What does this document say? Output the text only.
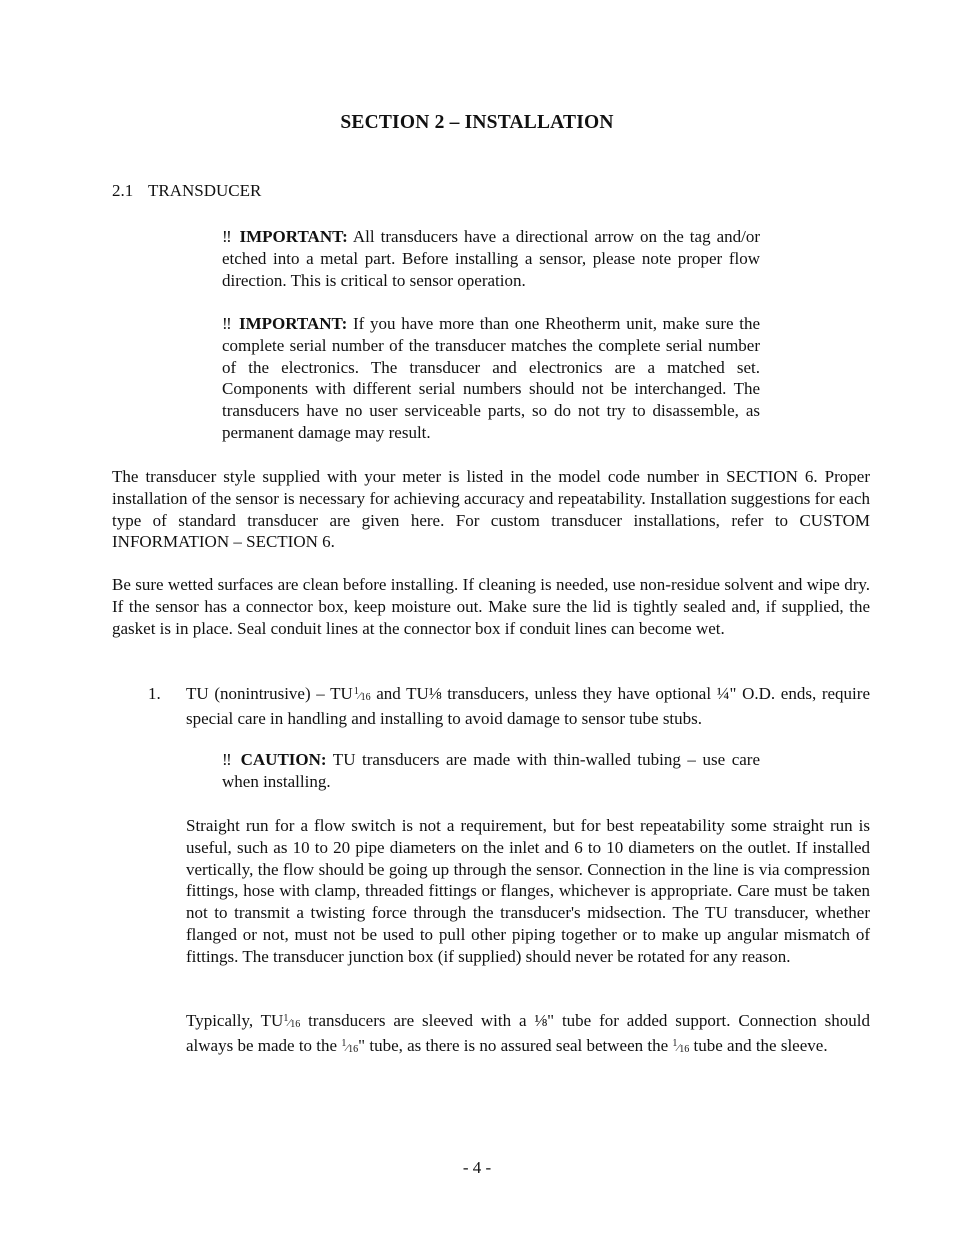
SECTION 2 – INSTALLATION
2.1 TRANSDUCER
‼ IMPORTANT: All transducers have a directional arrow on the tag and/or etched into a metal part. Before installing a sensor, please note proper flow direction. This is critical to sensor operation.
‼ IMPORTANT: If you have more than one Rheotherm unit, make sure the complete serial number of the transducer matches the complete serial number of the electronics. The transducer and electronics are a matched set. Components with different serial numbers should not be interchanged. The transducers have no user serviceable parts, so do not try to disassemble, as permanent damage may result.
The transducer style supplied with your meter is listed in the model code number in SECTION 6. Proper installation of the sensor is necessary for achieving accuracy and repeatability. Installation suggestions for each type of standard transducer are given here. For custom transducer installations, refer to CUSTOM INFORMATION – SECTION 6.
Be sure wetted surfaces are clean before installing. If cleaning is needed, use non-residue solvent and wipe dry. If the sensor has a connector box, keep moisture out. Make sure the lid is tightly sealed and, if supplied, the gasket is in place. Seal conduit lines at the connector box if conduit lines can become wet.
1. TU (nonintrusive) – TU $^1⁄_{16}$ and TU⅛ transducers, unless they have optional ¼" O.D. ends, require special care in handling and installing to avoid damage to sensor tube stubs.
‼ CAUTION: TU transducers are made with thin-walled tubing – use care when installing.
Straight run for a flow switch is not a requirement, but for best repeatability some straight run is useful, such as 10 to 20 pipe diameters on the inlet and 6 to 10 diameters on the outlet. If installed vertically, the flow should be going up through the sensor. Connection in the line is via compression fittings, hose with clamp, threaded fittings or flanges, whichever is appropriate. Care must be taken not to transmit a twisting force through the transducer's midsection. The TU transducer, whether flanged or not, must not be used to pull other piping together or to make up angular mismatch of fittings. The transducer junction box (if supplied) should never be rotated for any reason.
Typically, $TU^1⁄_{16}$ transducers are sleeved with a ⅛" tube for added support. Connection should always be made to the $^1⁄_{16}$" tube, as there is no assured seal between the $^1⁄_{16}$ tube and the sleeve.
- 4 -
